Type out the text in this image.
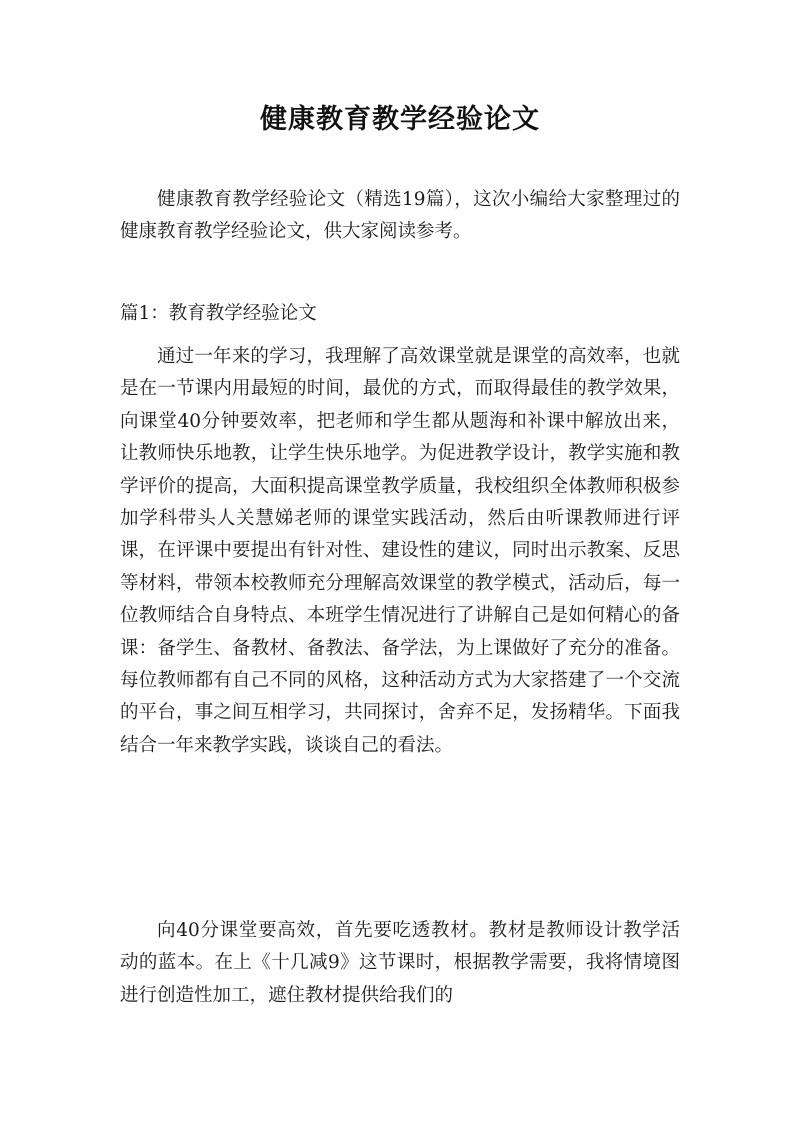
健康教育教学经验论文

健康教育教学经验论文（精选19篇），这次小编给大家整理过的健康教育教学经验论文，供大家阅读参考。

篇1：教育教学经验论文

通过一年来的学习，我理解了高效课堂就是课堂的高效率，也就是在一节课内用最短的时间，最优的方式，而取得最佳的教学效果，向课堂40分钟要效率，把老师和学生都从题海和补课中解放出来，让教师快乐地教，让学生快乐地学。为促进教学设计，教学实施和教学评价的提高，大面积提高课堂教学质量，我校组织全体教师积极参加学科带头人关慧娣老师的课堂实践活动，然后由听课教师进行评课，在评课中要提出有针对性、建设性的建议，同时出示教案、反思等材料，带领本校教师充分理解高效课堂的教学模式，活动后，每一位教师结合自身特点、本班学生情况进行了讲解自己是如何精心的备课：备学生、备教材、备教法、备学法，为上课做好了充分的准备。每位教师都有自己不同的风格，这种活动方式为大家搭建了一个交流的平台，事之间互相学习，共同探讨，舍弃不足，发扬精华。下面我结合一年来教学实践，谈谈自己的看法。

向40分课堂要高效，首先要吃透教材。教材是教师设计教学活动的蓝本。在上《十几减9》这节课时，根据教学需要，我将情境图进行创造性加工，遮住教材提供给我们的
